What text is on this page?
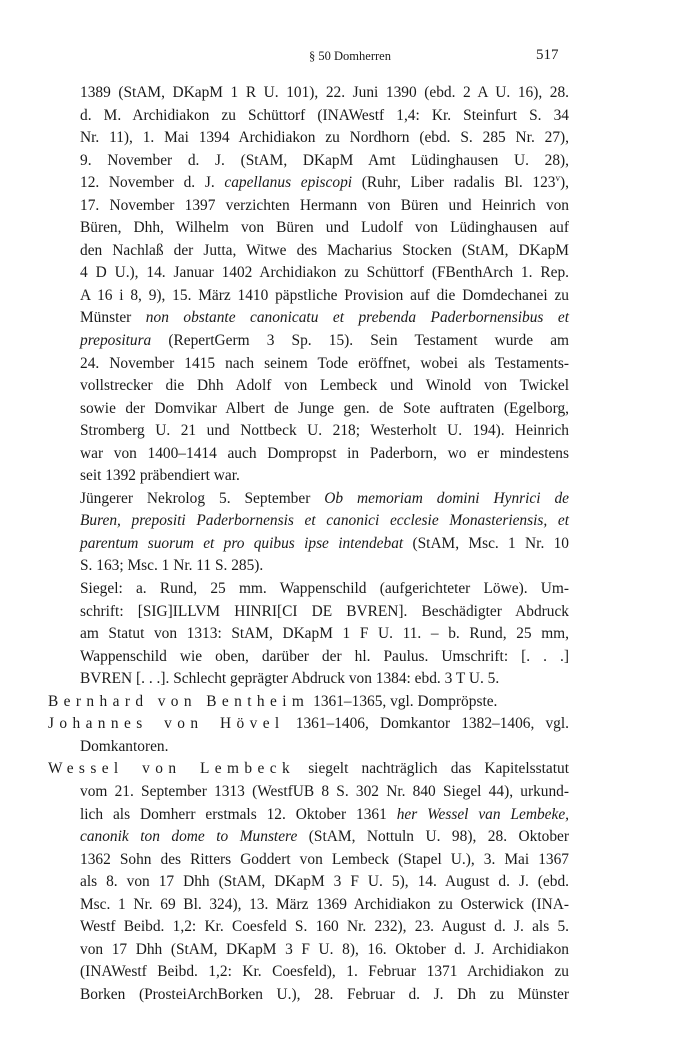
§ 50 Domherren	517
1389 (StAM, DKapM 1 R U. 101), 22. Juni 1390 (ebd. 2 A U. 16), 28.
d. M. Archidiakon zu Schüttorf (INAWestf 1,4: Kr. Steinfurt S. 34
Nr. 11), 1. Mai 1394 Archidiakon zu Nordhorn (ebd. S. 285 Nr. 27),
9. November d. J. (StAM, DKapM Amt Lüdinghausen U. 28),
12. November d. J. capellanus episcopi (Ruhr, Liber radalis Bl. 123$^v$),
17. November 1397 verzichten Hermann von Büren und Heinrich von
Büren, Dhh, Wilhelm von Büren und Ludolf von Lüdinghausen auf
den Nachlaß der Jutta, Witwe des Macharius Stocken (StAM, DKapM
4 D U.), 14. Januar 1402 Archidiakon zu Schüttorf (FBenthArch 1. Rep.
A 16 i 8, 9), 15. März 1410 päpstliche Provision auf die Domdechanei zu
Münster non obstante canonicatu et prebenda Paderbornensibus et
prepositura (RepertGerm 3 Sp. 15). Sein Testament wurde am
24. November 1415 nach seinem Tode eröffnet, wobei als Testaments-
vollstrecker die Dhh Adolf von Lembeck und Winold von Twickel
sowie der Domvikar Albert de Junge gen. de Sote auftraten (Egelborg,
Stromberg U. 21 und Nottbeck U. 218; Westerholt U. 194). Heinrich
war von 1400–1414 auch Dompropst in Paderborn, wo er mindestens
seit 1392 präbendiert war.
Jüngerer Nekrolog 5. September Ob memoriam domini Hynrici de
Buren, prepositi Paderbornensis et canonici ecclesie Monasteriensis, et
parentum suorum et pro quibus ipse intendebat (StAM, Msc. 1 Nr. 10
S. 163; Msc. 1 Nr. 11 S. 285).
Siegel: a. Rund, 25 mm. Wappenschild (aufgerichteter Löwe). Um-
schrift: [SIG]ILLVM HINRI[CI DE BVREN]. Beschädigter Abdruck
am Statut von 1313: StAM, DKapM 1 F U. 11. – b. Rund, 25 mm,
Wappenschild wie oben, darüber der hl. Paulus. Umschrift: [. . .]
BVREN [. . .]. Schlecht geprägter Abdruck von 1384: ebd. 3 T U. 5.
Bernhard von Bentheim 1361–1365, vgl. Dompröpste.
Johannes von Hövel 1361–1406, Domkantor 1382–1406, vgl.
Domkantoren.
Wessel von Lembeck siegelt nachträglich das Kapitelsstatut
vom 21. September 1313 (WestfUB 8 S. 302 Nr. 840 Siegel 44), urkund-
lich als Domherr erstmals 12. Oktober 1361 her Wessel van Lembeke,
canonik ton dome to Munstere (StAM, Nottuln U. 98), 28. Oktober
1362 Sohn des Ritters Goddert von Lembeck (Stapel U.), 3. Mai 1367
als 8. von 17 Dhh (StAM, DKapM 3 F U. 5), 14. August d. J. (ebd.
Msc. 1 Nr. 69 Bl. 324), 13. März 1369 Archidiakon zu Osterwick (INA-
Westf Beibd. 1,2: Kr. Coesfeld S. 160 Nr. 232), 23. August d. J. als 5.
von 17 Dhh (StAM, DKapM 3 F U. 8), 16. Oktober d. J. Archidiakon
(INAWestf Beibd. 1,2: Kr. Coesfeld), 1. Februar 1371 Archidiakon zu
Borken (ProsteiArchBorken U.), 28. Februar d. J. Dh zu Münster
